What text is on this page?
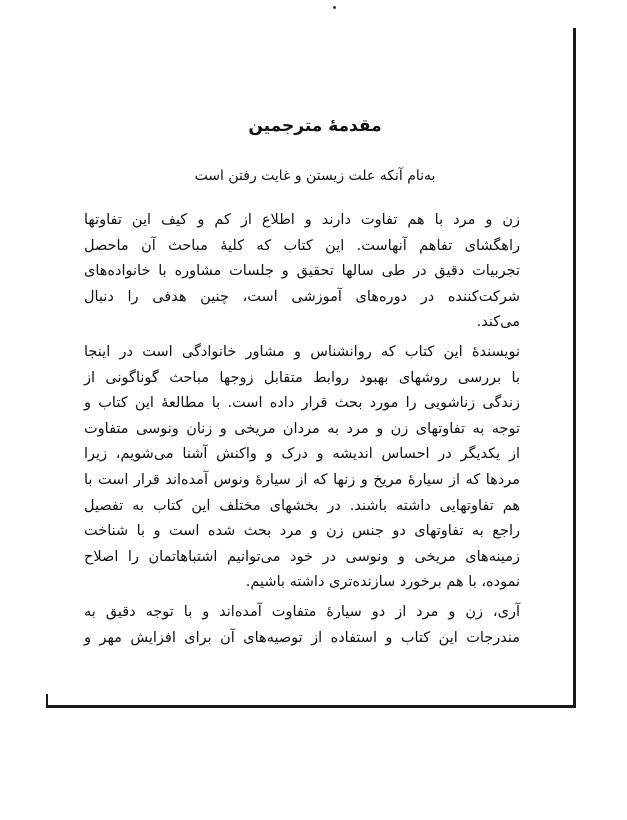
مقدمهٔ مترجمین
به‌نام آنکه علت زیستن و غایت رفتن است
زن و مرد با هم تفاوت دارند و اطلاع از کم و کیف این تفاوتها
راهگشای تفاهم آنهاست. این کتاب که کلیهٔ مباحث آن ماحصل
تجربیات دقیق در طی سالها تحقیق و جلسات مشاوره با خانواده‌های
شرکت‌کننده در دوره‌های آموزشی است، چنین هدفی را دنبال
می‌کند.
نویسندهٔ این کتاب که روانشناس و مشاور خانوادگی است در اینجا
با بررسی روشهای بهبود روابط متقابل زوجها مباحث گوناگونی از
زندگی زناشویی را مورد بحث قرار داده است. با مطالعهٔ این کتاب و
توجه به تفاوتهای زن و مرد به مردان مریخی و زنان ونوسی متفاوت
از یکدیگر در احساس اندیشه و درک و واکنش آشنا می‌شویم، زیرا
مردها که از سیارهٔ مریخ و زنها که از سیارهٔ ونوس آمده‌اند قرار است با
هم تفاوتهایی داشته باشند. در بخشهای مختلف این کتاب به تفصیل
راجع به تفاوتهای دو جنس زن و مرد بحث شده است و با شناخت
زمینه‌های مریخی و ونوسی در خود می‌توانیم اشتباهاتمان را اصلاح
نموده، با هم برخورد سازنده‌تری داشته باشیم.
آری، زن و مرد از دو سیارهٔ متفاوت آمده‌اند و با توجه دقیق به
مندرجات این کتاب و استفاده از توصیه‌های آن برای افزایش مهر و
